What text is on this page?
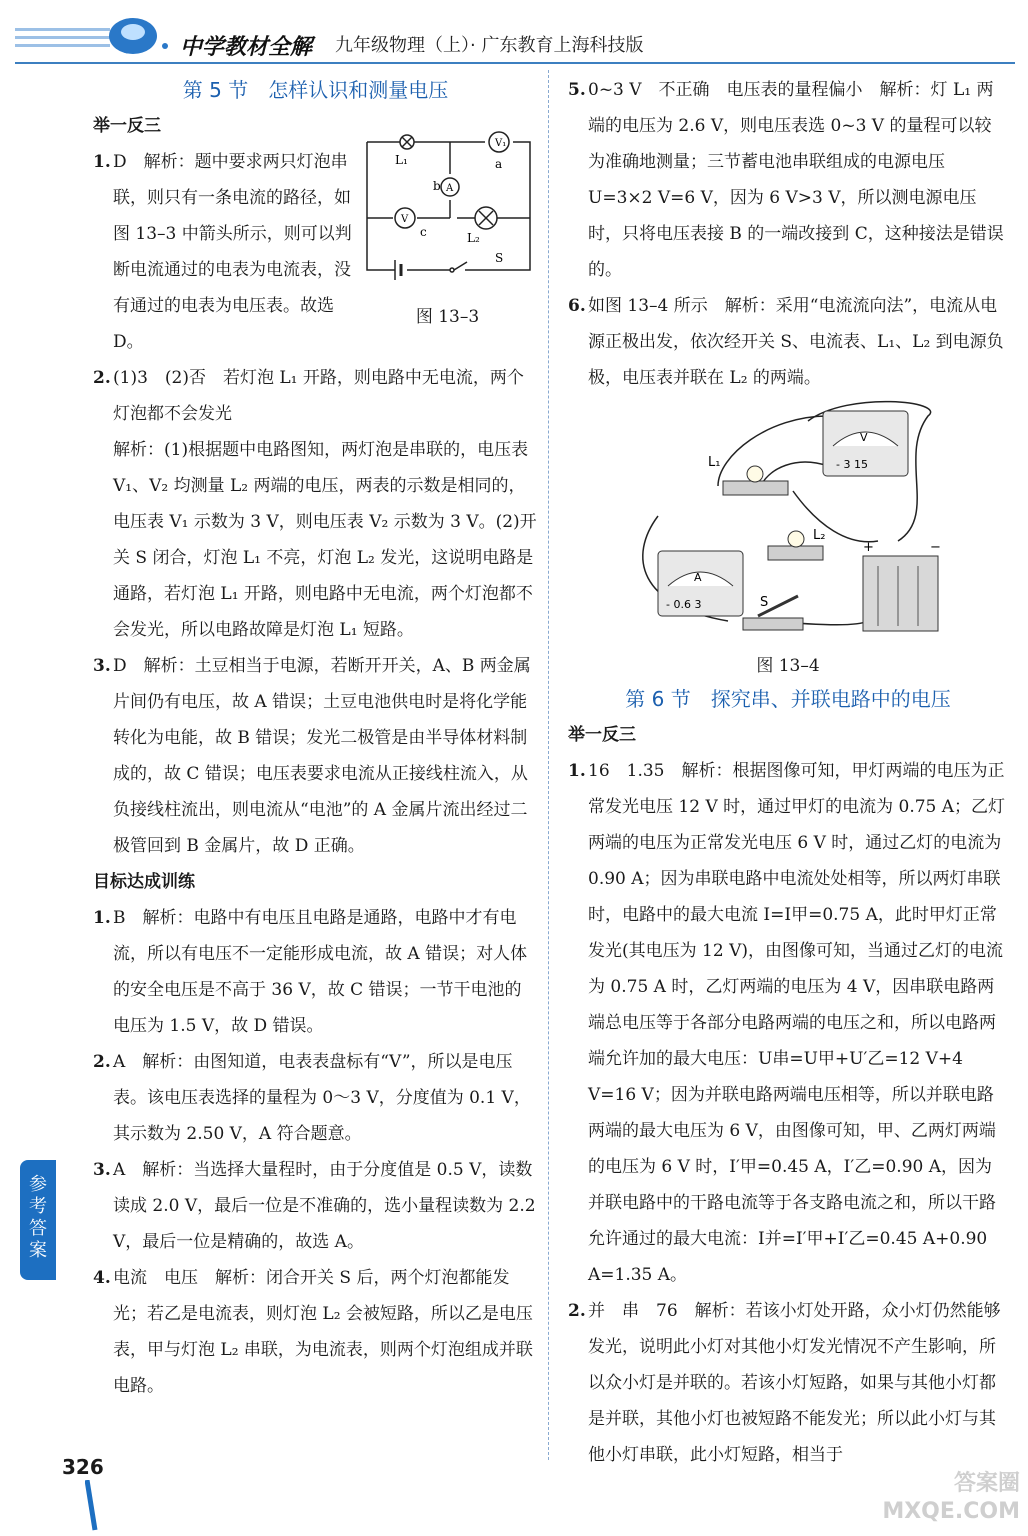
中学教材全解 九年级物理（上）· 广东教育上海科技版

第 5 节　怎样认识和测量电压

举一反三

1. D　解析：题中要求两只灯泡串联，则只有一条电流的路径，如图 13–3 中箭头所示，则可以判断电流通过的电表为电流表，没有通过的电表为电压表。故选 D。
2. (1)3　(2)否　若灯泡 L₁ 开路，则电路中无电流，两个灯泡都不会发光

解析：(1)根据题中电路图知，两灯泡是串联的，电压表 V₁、V₂ 均测量 L₂ 两端的电压，两表的示数是相同的，电压表 V₁ 示数为 3 V，则电压表 V₂ 示数为 3 V。(2)开关 S 闭合，灯泡 L₁ 不亮，灯泡 L₂ 发光，这说明电路是通路，若灯泡 L₁ 开路，则电路中无电流，两个灯泡都不会发光，所以电路故障是灯泡 L₁ 短路。

3. D　解析：土豆相当于电源，若断开开关，A、B 两金属片间仍有电压，故 A 错误；土豆电池供电时是将化学能转化为电能，故 B 错误；发光二极管是由半导体材料制成的，故 C 错误；电压表要求电流从正接线柱流入，从负接线柱流出，则电流从“电池”的 A 金属片流出经过二极管回到 B 金属片，故 D 正确。

目标达成训练

1. B　解析：电路中有电压且电路是通路，电路中才有电流，所以有电压不一定能形成电流，故 A 错误；对人体的安全电压是不高于 36 V，故 C 错误；一节干电池的电压为 1.5 V，故 D 错误。
2. A　解析：由图知道，电表表盘标有“V”，所以是电压表。该电压表选择的量程为 0～3 V，分度值为 0.1 V，其示数为 2.50 V，A 符合题意。
3. A　解析：当选择大量程时，由于分度值是 0.5 V，读数读成 2.0 V，最后一位是不准确的，选小量程读数为 2.2 V，最后一位是精确的，故选 A。
4. 电流　电压　解析：闭合开关 S 后，两个灯泡都能发光；若乙是电流表，则灯泡 L₂ 会被短路，所以乙是电压表，甲与灯泡 L₂ 串联，为电流表，则两个灯泡组成并联电路。
L₁
V₁
a
b A
V
c	L₂
S
图 13–3
5. 0~3 V　不正确　电压表的量程偏小　解析：灯 L₁ 两端的电压为 2.6 V，则电压表选 0~3 V 的量程可以较为准确地测量；三节蓄电池串联组成的电源电压 U=3×2 V=6 V，因为 6 V>3 V，所以测电源电压时，只将电压表接 B 的一端改接到 C，这种接法是错误的。
6. 如图 13–4 所示　解析：采用“电流流向法”，电流从电源正极出发，依次经开关 S、电流表、L₁、L₂ 到电源负极，电压表并联在 L₂ 的两端。
V
- 3 15
L₁
L₂
A
- 0.6 3	S
+	−
图 13–4

第 6 节　探究串、并联电路中的电压

举一反三

1. 16　1.35　解析：根据图像可知，甲灯两端的电压为正常发光电压 12 V 时，通过甲灯的电流为 0.75 A；乙灯两端的电压为正常发光电压 6 V 时，通过乙灯的电流为 0.90 A；因为串联电路中电流处处相等，所以两灯串联时，电路中的最大电流 I=I甲=0.75 A，此时甲灯正常发光(其电压为 12 V)，由图像可知，当通过乙灯的电流为 0.75 A 时，乙灯两端的电压为 4 V，因串联电路两端总电压等于各部分电路两端的电压之和，所以电路两端允许加的最大电压：U串=U甲+U′乙=12 V+4 V=16 V；因为并联电路两端电压相等，所以并联电路两端的最大电压为 6 V，由图像可知，甲、乙两灯两端的电压为 6 V 时，I′甲=0.45 A，I′乙=0.90 A，因为并联电路中的干路电流等于各支路电流之和，所以干路允许通过的最大电流：I并=I′甲+I′乙=0.45 A+0.90 A=1.35 A。
2. 并　串　76　解析：若该小灯处开路，众小灯仍然能够发光，说明此小灯对其他小灯发光情况不产生影响，所以众小灯是并联的。若该小灯短路，如果与其他小灯都是并联，其他小灯也被短路不能发光；所以此小灯与其他小灯串联，此小灯短路，相当于
参考答案
326
答案圈 MXQE.COM
